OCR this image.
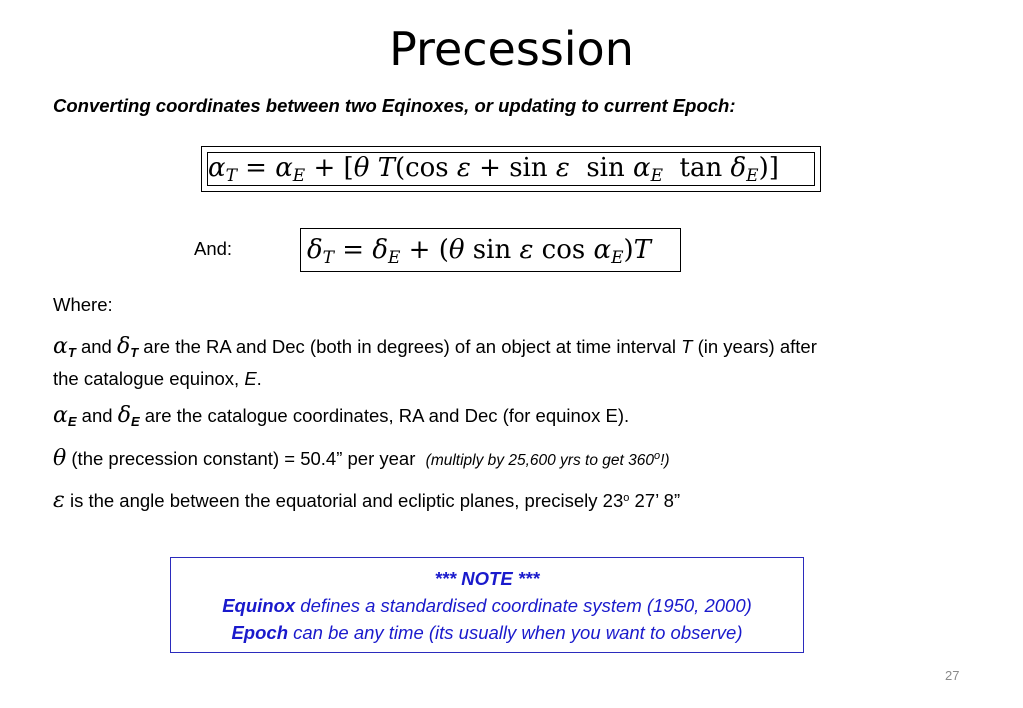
Precession
Converting coordinates between two Eqinoxes, or updating to current Epoch:
$\alpha_T = \alpha_E + [\theta$ T(cos ε + sin ε  $\sin \alpha_E$  $\tan \delta_E$)]
And:	$\delta_T = \delta_E + (\theta$ sin ε $\cos \alpha_E)T$
Where:
$\alpha_T$ and $\delta_T$ are the RA and Dec (both in degrees) of an object at time interval T (in years) after
the catalogue equinox, E.
$\alpha_E$ and $\delta_E$ are the catalogue coordinates, RA and Dec (for equinox E).
θ (the precession constant) = 50.4” per year (multiply by 25,600 yrs to get 360$^o$!)
ε is the angle between the equatorial and ecliptic planes, precisely 23$^o$ 27’ 8”
*** NOTE ***
Equinox defines a standardised coordinate system (1950, 2000)
Epoch can be any time (its usually when you want to observe)
27
